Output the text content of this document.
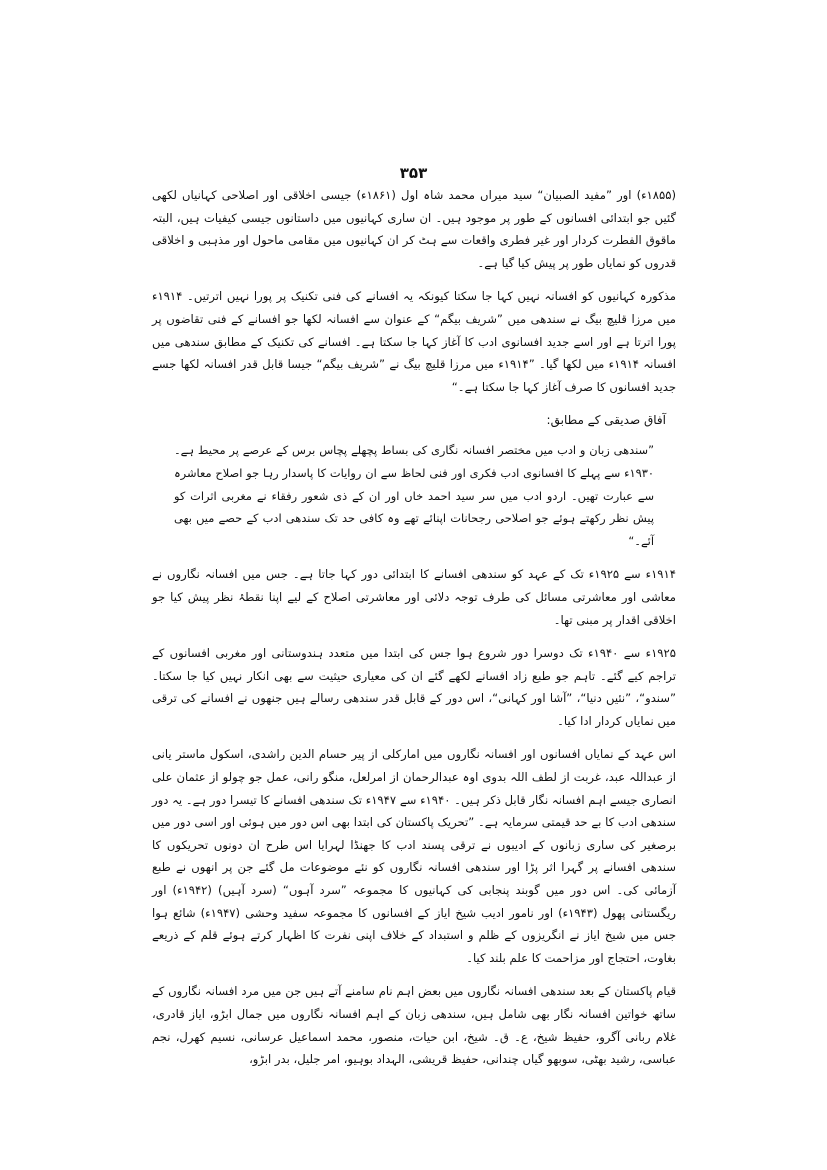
۳۵۳

(۱۸۵۵ء) اور ”مفید الصبیان“ سید میراں محمد شاہ اول (۱۸۶۱ء) جیسی اخلاقی اور اصلاحی کہانیاں لکھی گئیں جو ابتدائی افسانوں کے طور پر موجود ہیں۔ ان ساری کہانیوں میں داستانوں جیسی کیفیات ہیں، البتہ ماقوق الفطرت کردار اور غیر فطری واقعات سے ہٹ کر ان کہانیوں میں مقامی ماحول اور مذہبی و اخلاقی قدروں کو نمایاں طور پر پیش کیا گیا ہے۔

مذکورہ کہانیوں کو افسانہ نہیں کہا جا سکتا کیونکہ یہ افسانے کی فنی تکنیک پر پورا نہیں اترتیں۔ ۱۹۱۴ء میں مرزا قلیچ بیگ نے سندھی میں ”شریف بیگم“ کے عنوان سے افسانہ لکھا جو افسانے کے فنی تقاضوں پر پورا اترتا ہے اور اسے جدید افسانوی ادب کا آغاز کہا جا سکتا ہے۔ افسانے کی تکنیک کے مطابق سندھی میں افسانہ ۱۹۱۴ء میں لکھا گیا۔ ”۱۹۱۴ء میں مرزا قلیچ بیگ نے ”شریف بیگم“ جیسا قابل قدر افسانہ لکھا جسے جدید افسانوں کا صرف آغاز کہا جا سکتا ہے۔“

آفاق صدیقی کے مطابق:

”سندھی زبان و ادب میں مختصر افسانہ نگاری کی بساط پچھلے پچاس برس کے عرصے پر محیط ہے۔ ۱۹۳۰ء سے پہلے کا افسانوی ادب فکری اور فنی لحاظ سے ان روایات کا پاسدار رہا جو اصلاح معاشرہ سے عبارت تھیں۔ اردو ادب میں سر سید احمد خاں اور ان کے ذی شعور رفقاء نے مغربی اثرات کو پیش نظر رکھتے ہوئے جو اصلاحی رجحانات اپنائے تھے وہ کافی حد تک سندھی ادب کے حصے میں بھی آئے۔“

۱۹۱۴ء سے ۱۹۲۵ء تک کے عہد کو سندھی افسانے کا ابتدائی دور کہا جاتا ہے۔ جس میں افسانہ نگاروں نے معاشی اور معاشرتی مسائل کی طرف توجہ دلائی اور معاشرتی اصلاح کے لیے اپنا نقطۂ نظر پیش کیا جو اخلاقی اقدار پر مبنی تھا۔

۱۹۲۵ء سے ۱۹۴۰ء تک دوسرا دور شروع ہوا جس کی ابتدا میں متعدد ہندوستانی اور مغربی افسانوں کے تراجم کیے گئے۔ تاہم جو طبع زاد افسانے لکھے گئے ان کی معیاری حیثیت سے بھی انکار نہیں کیا جا سکتا۔ ”سندو“، ”نئیں دنیا“، ”آشا اور کہانی“، اس دور کے قابل قدر سندھی رسالے ہیں جنھوں نے افسانے کی ترقی میں نمایاں کردار ادا کیا۔

اس عہد کے نمایاں افسانوں اور افسانہ نگاروں میں امارکلی از پیر حسام الدین راشدی، اسکول ماستر یانی از عبداللہ عبد، غربت از لطف اللہ بدوی اوہ عبدالرحمان از امرلعل، منگو رانی، عمل جو چولو از عثمان علی انصاری جیسے اہم افسانہ نگار قابل ذکر ہیں۔ ۱۹۴۰ء سے ۱۹۴۷ء تک سندھی افسانے کا تیسرا دور ہے۔ یہ دور سندھی ادب کا بے حد قیمتی سرمایہ ہے۔ ”تحریک پاکستان کی ابتدا بھی اس دور میں ہوئی اور اسی دور میں برصغیر کی ساری زبانوں کے ادیبوں نے ترقی پسند ادب کا جھنڈا لہرایا اس طرح ان دونوں تحریکوں کا سندھی افسانے پر گہرا اثر پڑا اور سندھی افسانہ نگاروں کو نئے موضوعات مل گئے جن پر انھوں نے طبع آزمائی کی۔ اس دور میں گوبند پنجابی کی کہانیوں کا مجموعہ ”سرد آہوں“ (سرد آہیں) (۱۹۴۲ء) اور ریگستانی پھول (۱۹۴۳ء) اور نامور ادیب شیخ ایاز کے افسانوں کا مجموعہ سفید وحشی (۱۹۴۷ء) شائع ہوا جس میں شیخ ایاز نے انگریزوں کے ظلم و استبداد کے خلاف اپنی نفرت کا اظہار کرتے ہوئے قلم کے ذریعے بغاوت، احتجاج اور مزاحمت کا علم بلند کیا۔

قیام پاکستان کے بعد سندھی افسانہ نگاروں میں بعض اہم نام سامنے آتے ہیں جن میں مرد افسانہ نگاروں کے ساتھ خواتین افسانہ نگار بھی شامل ہیں، سندھی زبان کے اہم افسانہ نگاروں میں جمال ابڑو، ایاز قادری، غلام ربانی آگرو، حفیظ شیخ، ع۔ ق۔ شیخ، ابن حیات، منصور، محمد اسماعیل عرسانی، نسیم کھرل، نجم عباسی، رشید بھٹی، سوبھو گیاں چندانی، حفیظ قریشی، الہداد بوہیو، امر جلیل، بدر ابڑو،
